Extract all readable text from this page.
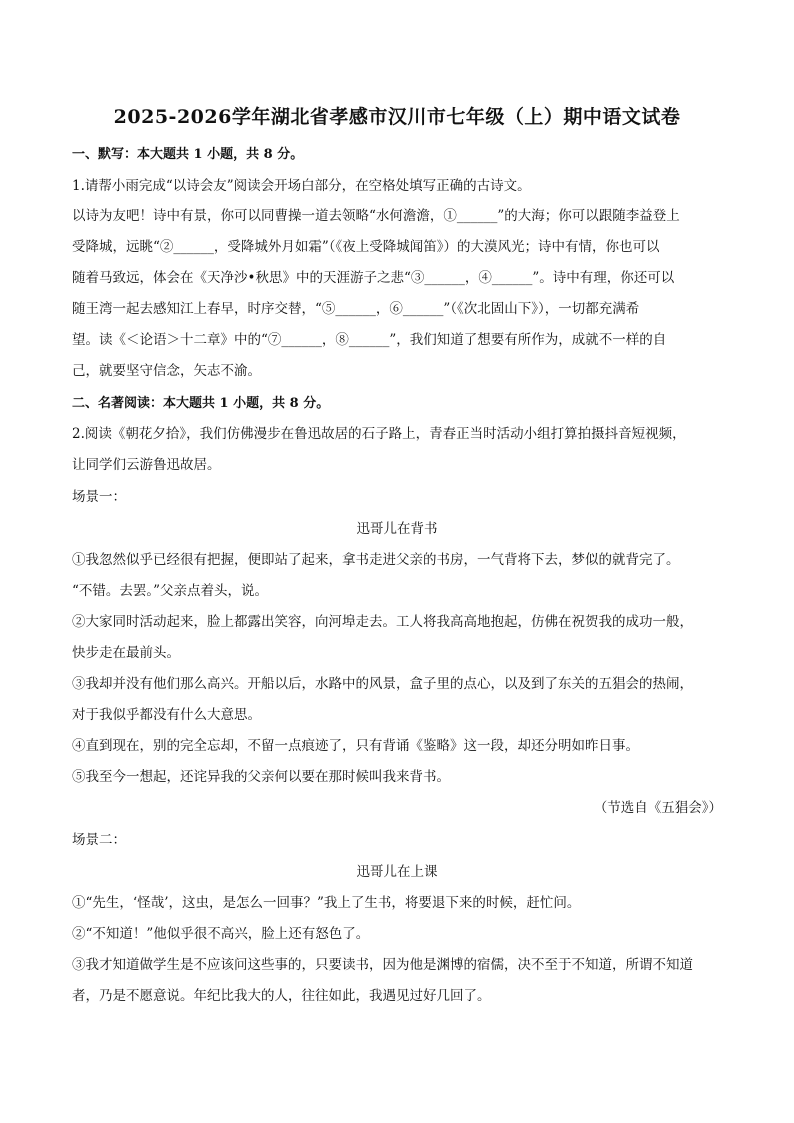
2025-2026学年湖北省孝感市汉川市七年级（上）期中语文试卷
一、默写：本大题共 1 小题，共 8 分。
1.请帮小雨完成“以诗会友”阅读会开场白部分，在空格处填写正确的古诗文。
以诗为友吧！诗中有景，你可以同曹操一道去领略“水何澹澹，①______”的大海；你可以跟随李益登上
受降城，远眺“②______，受降城外月如霜”（《夜上受降城闻笛》）的大漠风光；诗中有情，你也可以
随着马致远，体会在《天净沙•秋思》中的天涯游子之悲“③______，④______”。诗中有理，你还可以
随王湾一起去感知江上春早，时序交替，“⑤______，⑥______”（《次北固山下》），一切都充满希
望。读《＜论语＞十二章》中的“⑦______，⑧______”，我们知道了想要有所作为，成就不一样的自
己，就要坚守信念，矢志不渝。
二、名著阅读：本大题共 1 小题，共 8 分。
2.阅读《朝花夕拾》，我们仿佛漫步在鲁迅故居的石子路上，青春正当时活动小组打算拍摄抖音短视频，
让同学们云游鲁迅故居。
场景一：
迅哥儿在背书
①我忽然似乎已经很有把握，便即站了起来，拿书走进父亲的书房，一气背将下去，梦似的就背完了。
“不错。去罢。”父亲点着头，说。
②大家同时活动起来，脸上都露出笑容，向河埠走去。工人将我高高地抱起，仿佛在祝贺我的成功一般，
快步走在最前头。
③我却并没有他们那么高兴。开船以后，水路中的风景，盒子里的点心，以及到了东关的五猖会的热闹，
对于我似乎都没有什么大意思。
④直到现在，别的完全忘却，不留一点痕迹了，只有背诵《鉴略》这一段，却还分明如昨日事。
⑤我至今一想起，还诧异我的父亲何以要在那时候叫我来背书。
（节选自《五猖会》）
场景二：
迅哥儿在上课
①“先生，‘怪哉’，这虫，是怎么一回事？”我上了生书，将要退下来的时候，赶忙问。
②“不知道！”他似乎很不高兴，脸上还有怒色了。
③我才知道做学生是不应该问这些事的，只要读书，因为他是渊博的宿儒，决不至于不知道，所谓不知道
者，乃是不愿意说。年纪比我大的人，往往如此，我遇见过好几回了。
